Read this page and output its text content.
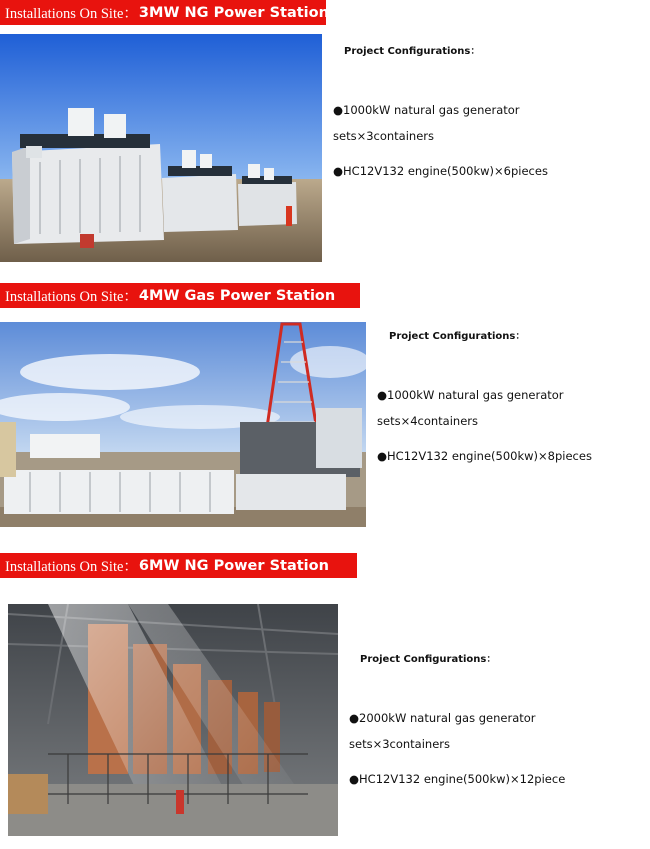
Installations On Site： 3MW NG Power Station
Project Configurations：
●1000kW natural gas generator sets×3containers
●HC12V132 engine(500kw)×6pieces
Installations On Site： 4MW Gas Power Station
Project Configurations：
●1000kW natural gas generator sets×4containers
●HC12V132 engine(500kw)×8pieces
Installations On Site： 6MW NG Power Station
Project Configurations：
●2000kW natural gas generator sets×3containers
●HC12V132 engine(500kw)×12piece
